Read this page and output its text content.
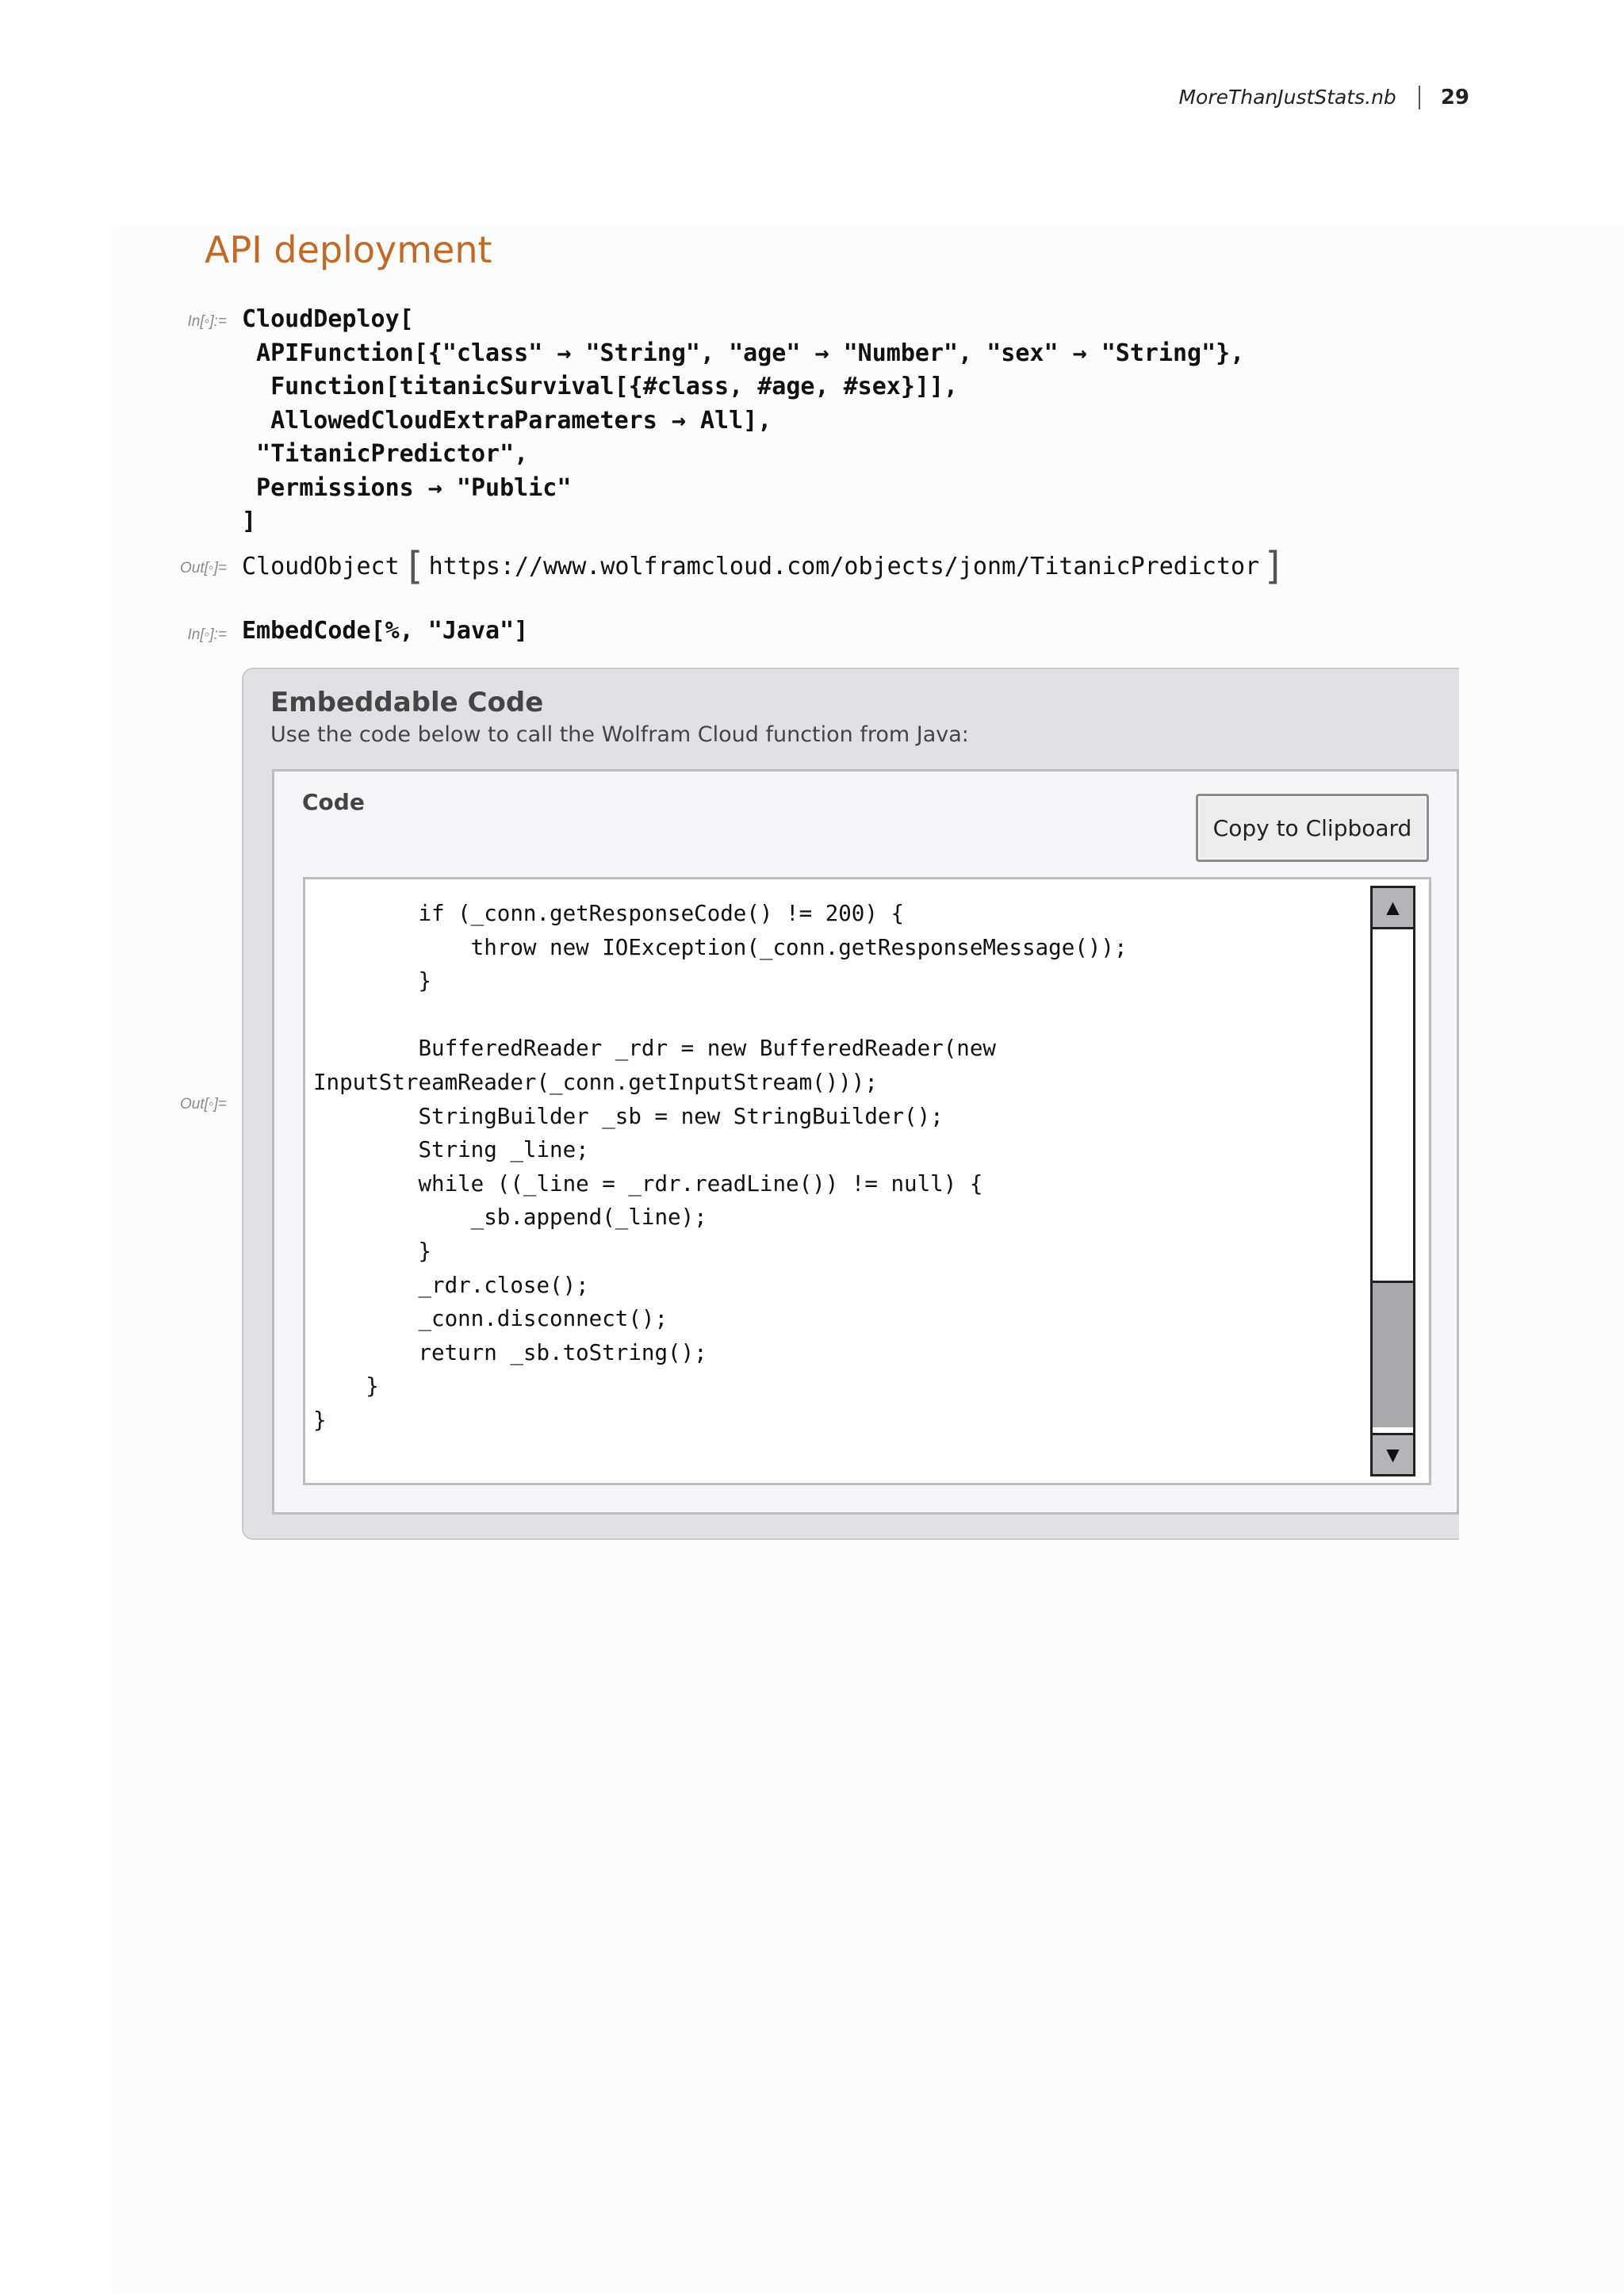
MoreThanJustStats.nb	29
API deployment
In[◦]:= CloudDeploy[
APIFunction[{"class" → "String", "age" → "Number", "sex" → "String"},
Function[titanicSurvival[{#class, #age, #sex}]],
AllowedCloudExtraParameters → All],
"TitanicPredictor",
Permissions → "Public"
]
Out[◦]= CloudObject [ https://www.wolframcloud.com/objects/jonm/TitanicPredictor ]
In[◦]:= EmbedCode[%, "Java"]
Out[◦]=
Embeddable Code
Use the code below to call the Wolfram Cloud function from Java:
Code
Copy to Clipboard
if (_conn.getResponseCode() != 200) {
throw new IOException(_conn.getResponseMessage());
}

BufferedReader _rdr = new BufferedReader(new
InputStreamReader(_conn.getInputStream()));
StringBuilder _sb = new StringBuilder();
String _line;
while ((_line = _rdr.readLine()) != null) {
_sb.append(_line);
}
_rdr.close();
_conn.disconnect();
return _sb.toString();
}
}
▲
▼
